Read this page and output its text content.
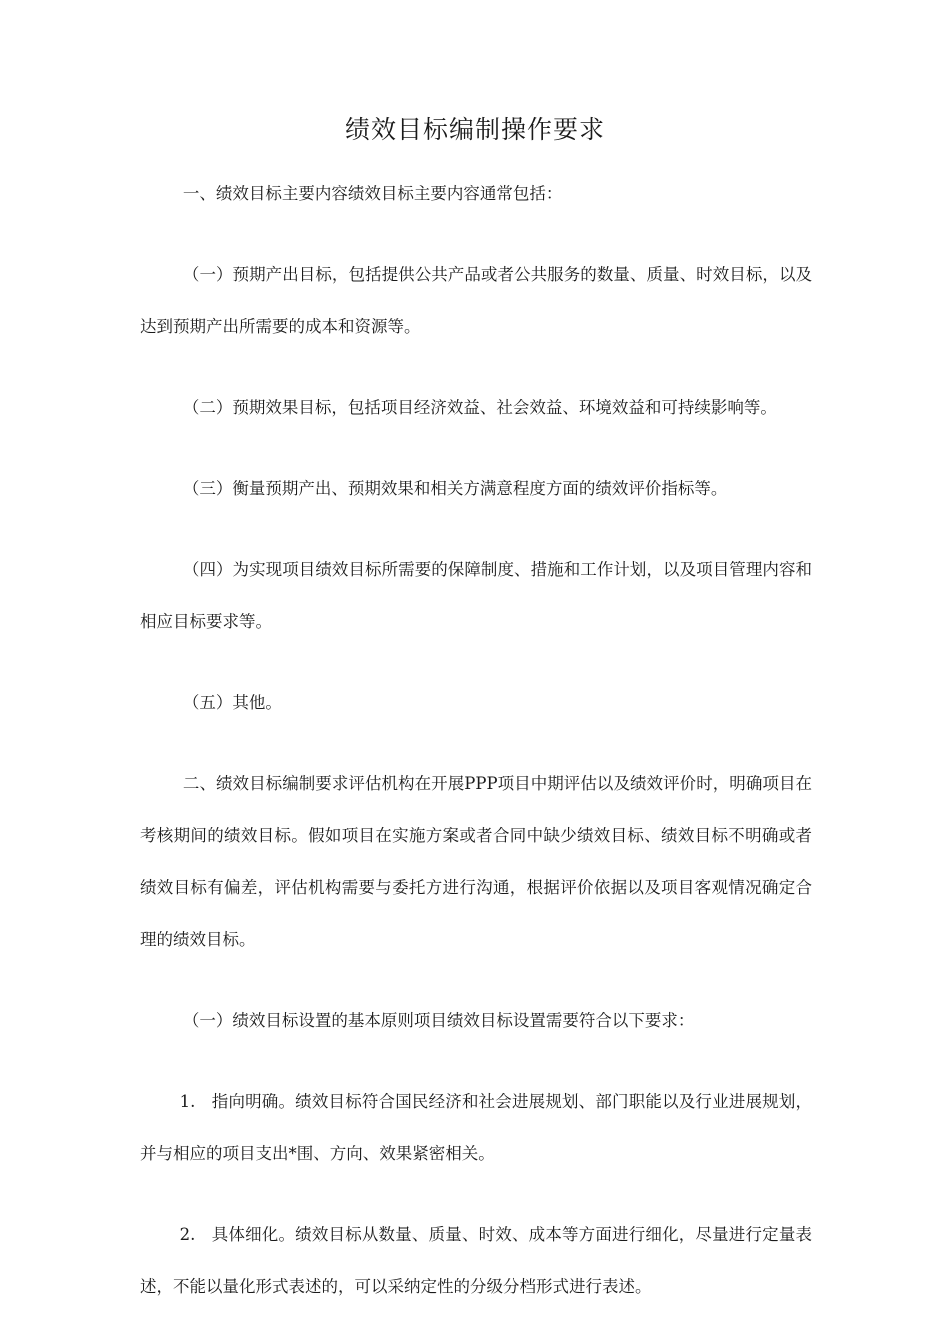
绩效目标编制操作要求

一、绩效目标主要内容绩效目标主要内容通常包括：

（一）预期产出目标，包括提供公共产品或者公共服务的数量、质量、时效目标，以及达到预期产出所需要的成本和资源等。

（二）预期效果目标，包括项目经济效益、社会效益、环境效益和可持续影响等。

（三）衡量预期产出、预期效果和相关方满意程度方面的绩效评价指标等。

（四）为实现项目绩效目标所需要的保障制度、措施和工作计划，以及项目管理内容和相应目标要求等。

（五）其他。

二、绩效目标编制要求评估机构在开展PPP项目中期评估以及绩效评价时，明确项目在考核期间的绩效目标。假如项目在实施方案或者合同中缺少绩效目标、绩效目标不明确或者绩效目标有偏差，评估机构需要与委托方进行沟通，根据评价依据以及项目客观情况确定合理的绩效目标。

（一）绩效目标设置的基本原则项目绩效目标设置需要符合以下要求：

1. 指向明确。绩效目标符合国民经济和社会进展规划、部门职能以及行业进展规划，并与相应的项目支出*围、方向、效果紧密相关。

2. 具体细化。绩效目标从数量、质量、时效、成本等方面进行细化，尽量进行定量表述，不能以量化形式表述的，可以采纳定性的分级分档形式进行表述。
